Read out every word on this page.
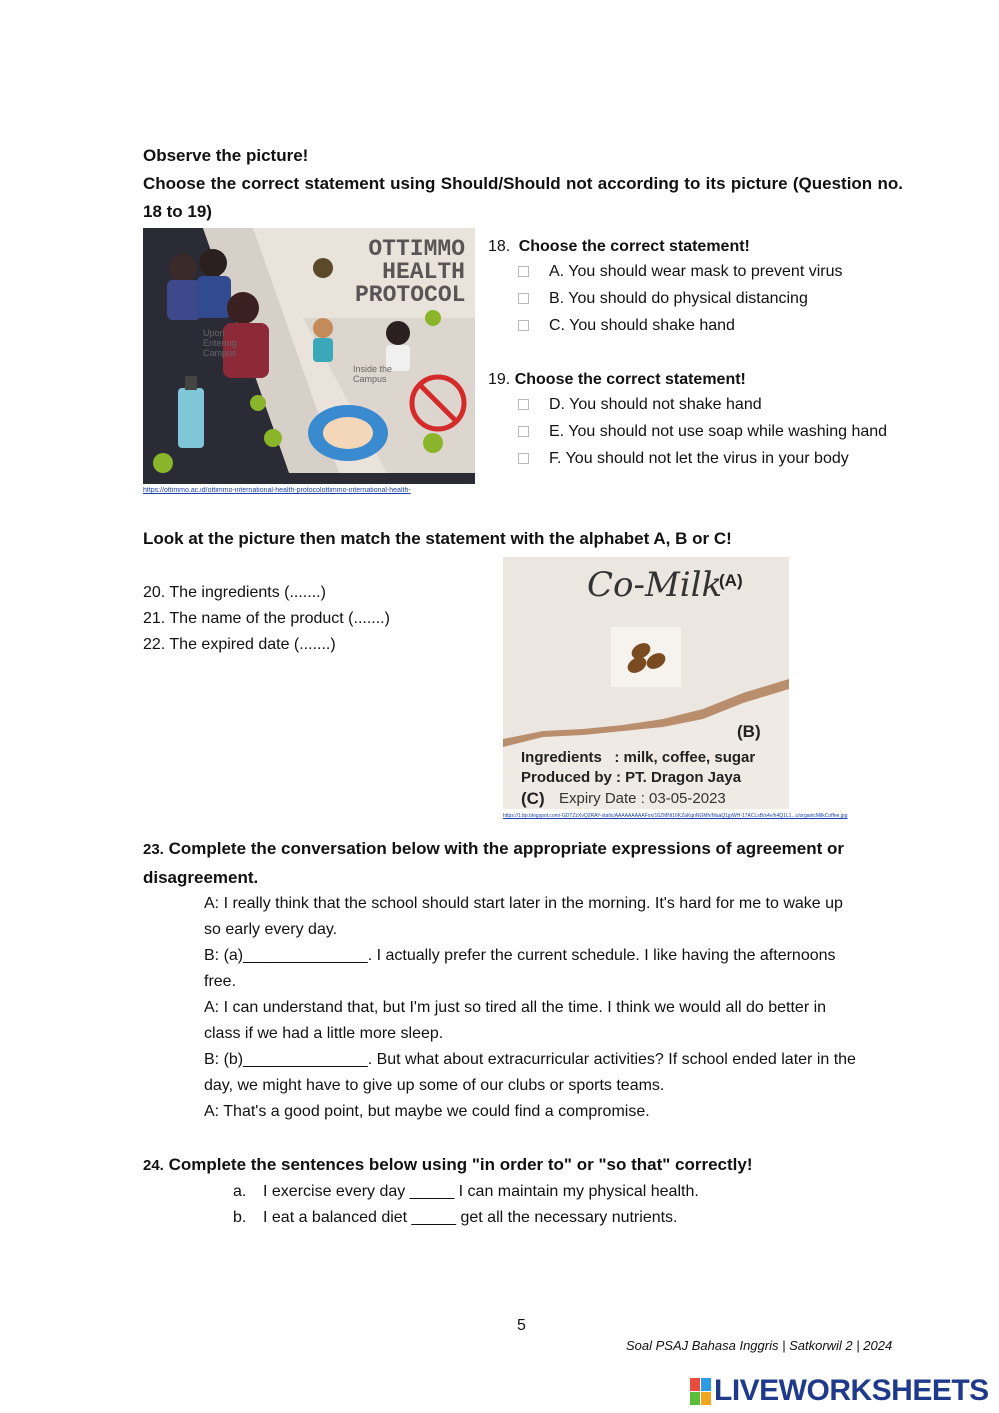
Observe the picture!
Choose the correct statement using Should/Should not according to its picture (Question no. 18 to 19)
OTTIMMO
HEALTH
PROTOCOL
Upon Entering Campus
Inside the Campus
https://ottimmo.ac.id/ottimmo-international-health-protocolottimmo-international-health-
18. Choose the correct statement!
A. You should wear mask to prevent virus
B. You should do physical distancing
C. You should shake hand
19. Choose the correct statement!
D. You should not shake hand
E. You should not use soap while washing hand
F. You should not let the virus in your body
Look at the picture then match the statement with the alphabet A, B or C!
20. The ingredients (.......)
21. The name of the product (.......)
22. The expired date (.......)
Co-Milk
(A)
(B)
Ingredients   : milk, coffee, sugar
Produced by : PT. Dragon Jaya
(C) Expiry Date : 03-05-2023
https://1.bp.blogspot.com/-GDTZzXvQ2RAY-static/AAAAAAAAAFox/16ZMNt16KZaKqnNGMh/MaaQ1jpWH-17ACLsB/s4v/h4Q1L1...c/organicMilkCoffee.jpg
23. Complete the conversation below with the appropriate expressions of agreement or
disagreement.
A: I really think that the school should start later in the morning. It's hard for me to wake up
so early every day.
B: (a)______________. I actually prefer the current schedule. I like having the afternoons
free.
A: I can understand that, but I'm just so tired all the time. I think we would all do better in
class if we had a little more sleep.
B: (b)______________. But what about extracurricular activities? If school ended later in the
day, we might have to give up some of our clubs or sports teams.
A: That's a good point, but maybe we could find a compromise.
24. Complete the sentences below using "in order to" or "so that" correctly!
a. I exercise every day _____ I can maintain my physical health.
b. I eat a balanced diet _____ get all the necessary nutrients.
5
Soal PSAJ Bahasa Inggris | Satkorwil 2 | 2024
LIVEWORKSHEETS
